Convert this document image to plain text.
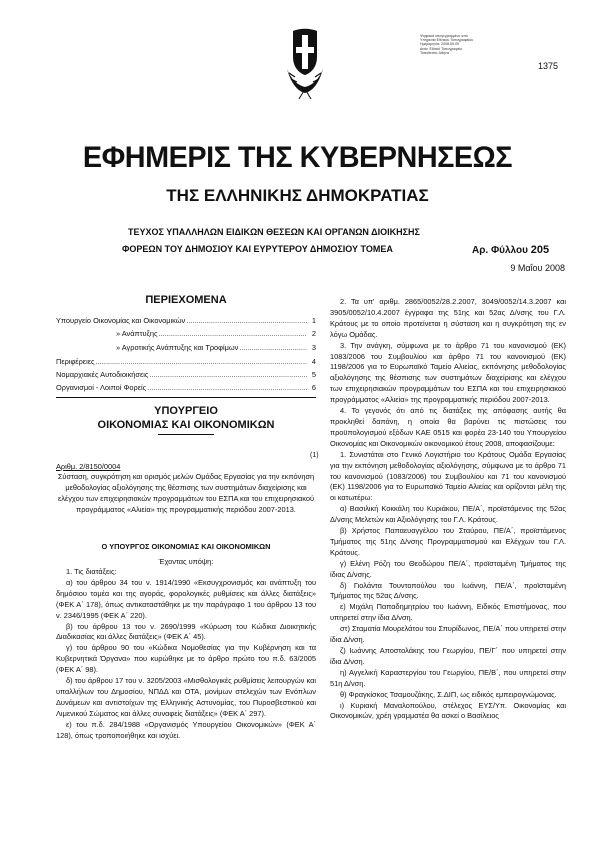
Ψηφιακά υπογεγραμμένο από
Υπηρεσία Εθνικού Τυπογραφείου
Ημερομηνία: 2008.05.09
Αιτία: Εθνικό Τυπογραφείο
Τοποθεσία: Αθήνα
1375
ΕΦΗΜΕΡΙΣ ΤΗΣ ΚΥΒΕΡΝΗΣΕΩΣ
ΤΗΣ ΕΛΛΗΝΙΚΗΣ ΔΗΜΟΚΡΑΤΙΑΣ
ΤΕΥΧΟΣ ΥΠΑΛΛΗΛΩΝ ΕΙΔΙΚΩΝ ΘΕΣΕΩΝ ΚΑΙ ΟΡΓΑΝΩΝ ΔΙΟΙΚΗΣΗΣ
ΦΟΡΕΩΝ ΤΟΥ ΔΗΜΟΣΙΟΥ ΚΑΙ ΕΥΡΥΤΕΡΟΥ ΔΗΜΟΣΙΟΥ ΤΟΜΕΑ	Αρ. Φύλλου 205
9 Μαΐου 2008
ΠΕΡΙΕΧΟΜΕΝΑ
Υπουργείο Οικονομίας και Οικονομικών .....	1
» Ανάπτυξης .....	2
» Αγροτικής Ανάπτυξης και Τροφίμων .....	3
Περιφέρειες .....	4
Νομαρχιακές Αυτοδιοικήσεις .....	5
Οργανισμοί - Λοιποί Φορείς .....	6
ΥΠΟΥΡΓΕΙΟ
ΟΙΚΟΝΟΜΙΑΣ ΚΑΙ ΟΙΚΟΝΟΜΙΚΩΝ
(1)
Αριθμ. 2/8150/0004
Σύσταση, συγκρότηση και ορισμός μελών Ομάδας Εργασίας για την εκπόνηση μεθοδολογίας αξιολόγησης της θέσπισης των συστημάτων διαχείρισης και ελέγχου των επιχειρησιακών προγραμμάτων του ΕΣΠΑ και του επιχειρησιακού προγράμματος «Αλιεία» της προγραμματικής περιόδου 2007-2013.
Ο ΥΠΟΥΡΓΟΣ ΟΙΚΟΝΟΜΙΑΣ ΚΑΙ ΟΙΚΟΝΟΜΙΚΩΝ
Έχοντας υπόψη:

1. Τις διατάξεις:

α) του άρθρου 34 του ν. 1914/1990 «Εκσυγχρονισμός και ανάπτυξη του δημόσιου τομέα και της αγοράς, φορολογικές ρυθμίσεις και άλλες διατάξεις» (ΦΕΚ Α΄ 178), όπως αντικαταστάθηκε με την παράγραφο 1 του άρθρου 13 του ν. 2346/1995 (ΦΕΚ Α΄ 220).

β) του άρθρου 13 του ν. 2690/1999 «Κύρωση του Κώδικα Διοικητικής Διαδικασίας και άλλες διατάξεις» (ΦΕΚ Α΄ 45).

γ) του άρθρου 90 του «Κώδικα Νομοθεσίας για την Κυβέρνηση και τα Κυβερνητικά Όργανα» που κυρώθηκε με το άρθρο πρώτο του π.δ. 63/2005 (ΦΕΚ Α΄ 98).

δ) του άρθρου 17 του ν. 3205/2003 «Μισθολογικές ρυθμίσεις λειτουργών και υπαλλήλων του Δημοσίου, ΝΠΔΔ και ΟΤΑ, μονίμων στελεχών των Ενόπλων Δυνάμεων και αντιστοίχων της Ελληνικής Αστυνομίας, του Πυροσβεστικού και Λιμενικού Σώματος και άλλες συναφείς διατάξεις» (ΦΕΚ Α΄ 297).

ε) του π.δ. 284/1988 «Οργανισμός Υπουργείου Οικονομικών» (ΦΕΚ Α΄ 128), όπως τροποποιήθηκε και ισχύει.

2. Τα υπ' αριθμ. 2865/0052/28.2.2007, 3049/0052/14.3.2007 και 3905/0052/10.4.2007 έγγραφα της 51ης και 52ας Δ/νσης του Γ.Λ. Κράτους με το οποίο προτείνεται η σύσταση και η συγκρότηση της εν λόγω Ομάδας.

3. Την ανάγκη, σύμφωνα με το άρθρο 71 του κανονισμού (ΕΚ) 1083/2006 του Συμβουλίου και άρθρο 71 του κανονισμού (ΕΚ) 1198/2006 για το Ευρωπαϊκό Ταμείο Αλιείας, εκπόνησης μεθοδολογίας αξιολόγησης της θέσπισης των συστημάτων διαχείρισης και ελέγχου των επιχειρησιακών προγραμμάτων του ΕΣΠΑ και του επιχειρησιακού προγράμματος «Αλιεία» της προγραμματικής περιόδου 2007-2013.

4. Το γεγονός ότι από τις διατάξεις της απόφασης αυτής θα προκληθεί δαπάνη, η οποία θα βαρύνει τις πιστώσεις του προϋπολογισμού εξόδων ΚΑΕ 0515 και φορέα 23-140 του Υπουργείου Οικονομίας και Οικονομικών οικονομικού έτους 2008, αποφασίζουμε:

1. Συνιστάται στο Γενικό Λογιστήριο του Κράτους Ομάδα Εργασίας για την εκπόνηση μεθοδολογίας αξιολόγησης, σύμφωνα με το άρθρο 71 του κανονισμού (1083/2006) του Συμβουλίου και 71 του κανονισμού (ΕΚ) 1198/2006 για το Ευρωπαϊκό Ταμείο Αλιείας και ορίζονται μέλη της οι κατωτέρω:

α) Βασιλική Κοκκάλη του Κυριάκου, ΠΕ/Α΄, προϊστάμενος της 52ας Δ/νσης Μελετών και Αξιολόγησης του Γ.Λ. Κράτους.

β) Χρήστος Παπαευαγγέλου του Σταύρου, ΠΕ/Α΄, προϊστάμενος Τμήματος της 51ης Δ/νσης Προγραμματισμού και Ελέγχων του Γ.Λ. Κράτους.

γ) Ελένη Ρόζη του Θεοδώρου ΠΕ/Α΄, προϊσταμένη Τμήματος της ίδιας Δ/νσης.

δ) Γιολάντα Τουντοπούλου του Ιωάννη, ΠΕ/Α΄, προϊσταμένη Τμήματος της 52ας Δ/νσης.

ε) Μιχάλη Παπαδημητρίου του Ιωάννη, Ειδικός Επιστήμονας, που υπηρετεί στην ίδια Δ/νση.

στ) Σταματία Μουρελάτου του Σπυρίδωνος, ΠΕ/Α΄ που υπηρετεί στην ίδια Δ/νση.

ζ) Ιωάννης Αποστολάκης του Γεωργίου, ΠΕ/Γ΄ που υπηρετεί στην ίδια Δ/νση.

η) Αγγελική Καραστεργίου του Γεωργίου, ΠΕ/Β΄, που υπηρετεί στην 51η Δ/νση.

θ) Φραγκίσκος Τσαμουζάκης, Σ.ΔΙΠ, ως ειδικός εμπειρογνώμονας.

ι) Κυριακή Μαναλοπούλου, στέλεχος ΕΥΣ/Υπ. Οικονομίας και Οικονομικών, χρέη γραμματέα θα ασκεί ο Βασίλειος
